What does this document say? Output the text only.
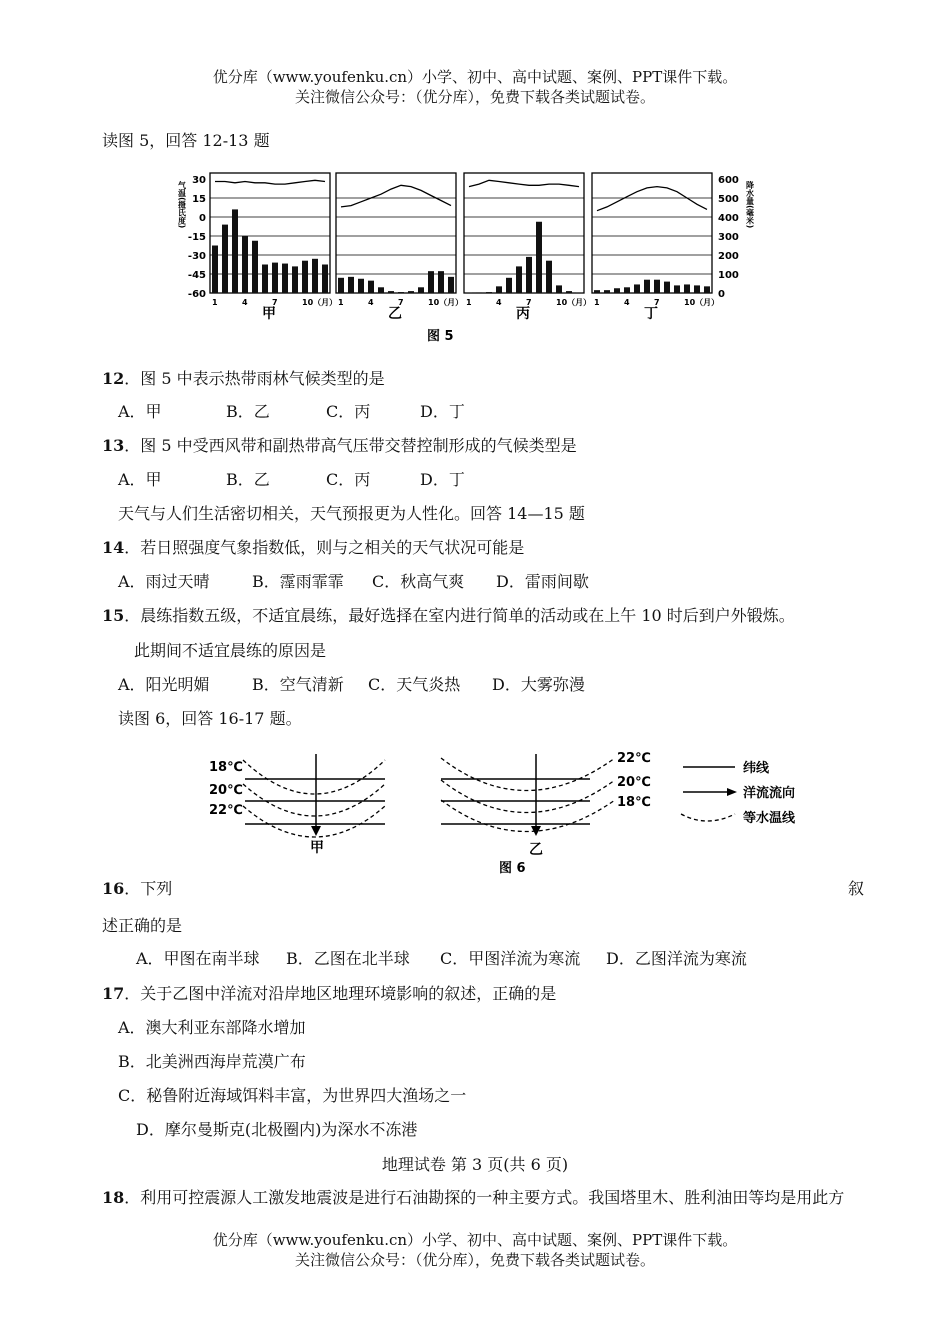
优分库（www.youfenku.cn）小学、初中、高中试题、案例、PPT课件下载。
关注微信公众号：（优分库），免费下载各类试题试卷。
读图 5，回答 12-13 题
30
15
0
-15
-30
-45
-60
600
500
400
300
200
100
0
气温(摄氏度)	降水量(毫米)
1	4	7	10（月）
甲
1	4	7	10（月）
乙
1	4	7	10（月）
丙
1	4	7	10（月）
丁
图 5
12．图 5 中表示热带雨林气候类型的是
A．甲	B．乙	C．丙	D．丁
13．图 5 中受西风带和副热带高气压带交替控制形成的气候类型是
A．甲	B．乙	C．丙	D．丁
天气与人们生活密切相关，天气预报更为人性化。回答 14—15 题
14．若日照强度气象指数低，则与之相关的天气状况可能是
A．雨过天晴	B．霪雨霏霏 C．秋高气爽 D．雷雨间歇
15．晨练指数五级，不适宜晨练，最好选择在室内进行简单的活动或在上午 10 时后到户外锻炼。
此期间不适宜晨练的原因是
A．阳光明媚	B．空气清新 C．天气炎热 D．大雾弥漫
读图 6，回答 16-17 题。
18℃
20℃
22℃
甲
22℃
20℃
18℃
乙
纬线
洋流流向
等水温线
图 6
16．下列	叙
述正确的是
A．甲图在南半球 B．乙图在北半球 C．甲图洋流为寒流 D．乙图洋流为寒流
17．关于乙图中洋流对沿岸地区地理环境影响的叙述，正确的是
A．澳大利亚东部降水增加
B．北美洲西海岸荒漠广布
C．秘鲁附近海域饵料丰富，为世界四大渔场之一
D．摩尔曼斯克(北极圈内)为深水不冻港
地理试卷 第 3 页(共 6 页)
18．利用可控震源人工激发地震波是进行石油勘探的一种主要方式。我国塔里木、胜利油田等均是用此方
优分库（www.youfenku.cn）小学、初中、高中试题、案例、PPT课件下载。
关注微信公众号：（优分库），免费下载各类试题试卷。
